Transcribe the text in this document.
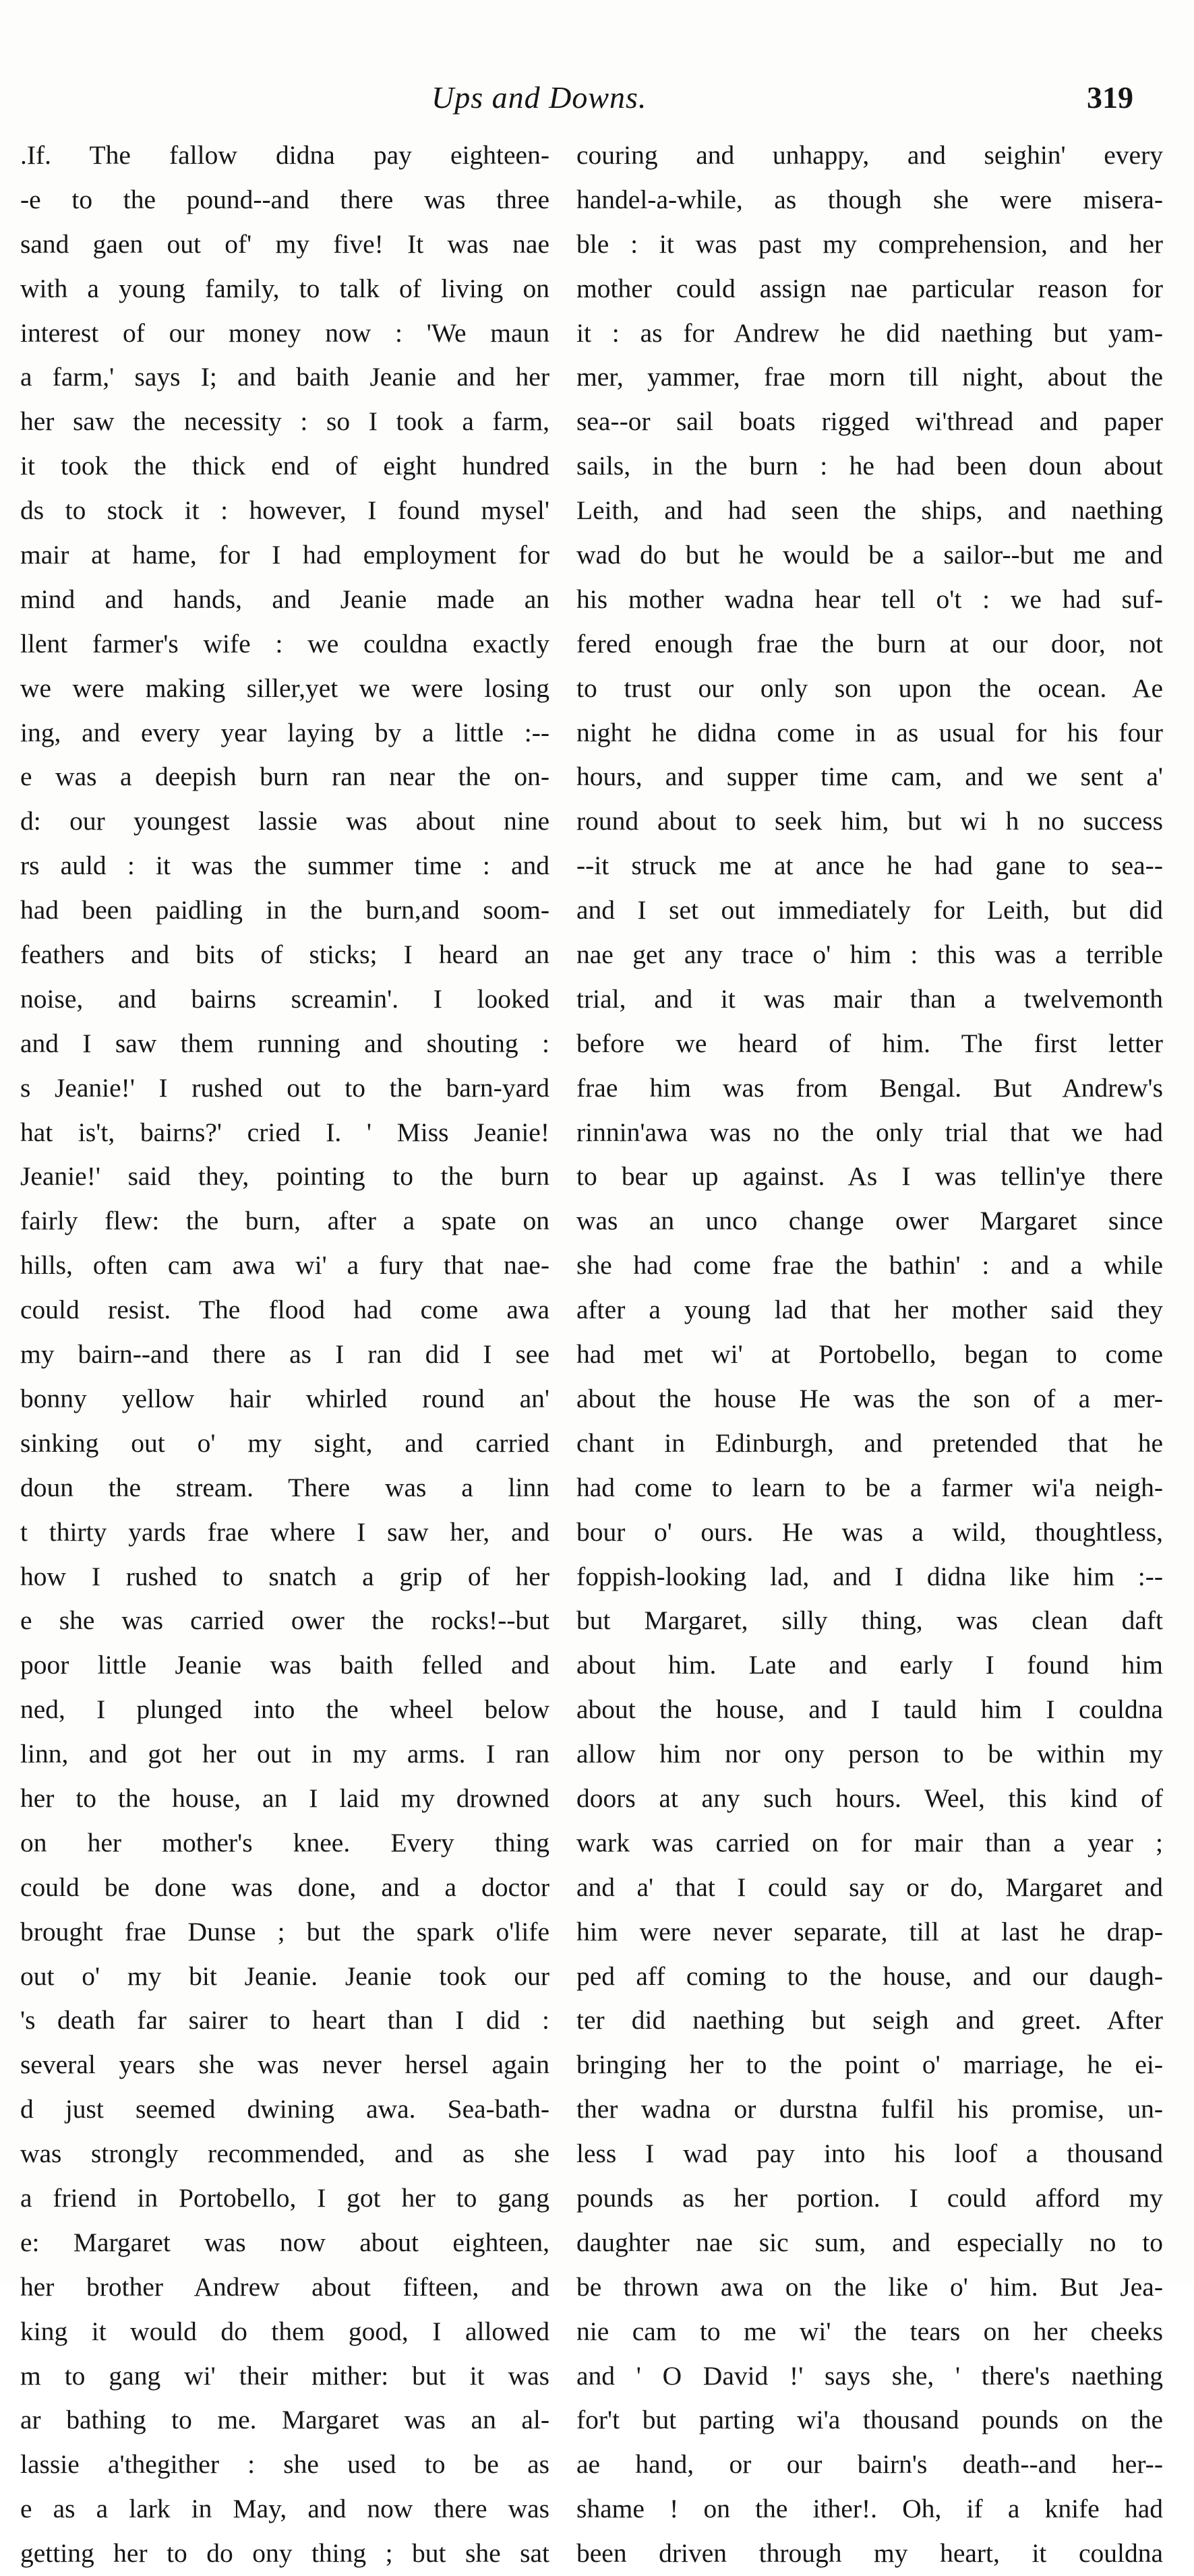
Ups and Downs.	319
.If. The fallow didna pay eighteen-
-e to the pound--and there was three
sand gaen out of' my five! It was nae
with a young family, to talk of living on
interest of our money now : 'We maun
a farm,' says I; and baith Jeanie and her
her saw the necessity : so I took a farm,
it took the thick end of eight hundred
ds to stock it : however, I found mysel'
mair at hame, for I had employment for
mind and hands, and Jeanie made an
llent farmer's wife : we couldna exactly
we were making siller,yet we were losing
ing, and every year laying by a little :--
e was a deepish burn ran near the on-
d: our youngest lassie was about nine
rs auld : it was the summer time : and
had been paidling in the burn,and soom-
feathers and bits of sticks; I heard an
noise, and bairns screamin'. I looked
and I saw them running and shouting :
s Jeanie!' I rushed out to the barn-yard
hat is't, bairns?' cried I. ' Miss Jeanie!
Jeanie!' said they, pointing to the burn
fairly flew: the burn, after a spate on
hills, often cam awa wi' a fury that nae-
could resist. The flood had come awa
my bairn--and there as I ran did I see
bonny yellow hair whirled round an'
sinking out o' my sight, and carried
doun the stream. There was a linn
t thirty yards frae where I saw her, and
how I rushed to snatch a grip of her
e she was carried ower the rocks!--but
poor little Jeanie was baith felled and
ned, I plunged into the wheel below
linn, and got her out in my arms. I ran
her to the house, an I laid my drowned
on her mother's knee. Every thing
could be done was done, and a doctor
brought frae Dunse ; but the spark o'life
out o' my bit Jeanie. Jeanie took our
's death far sairer to heart than I did :
several years she was never hersel again
d just seemed dwining awa. Sea-bath-
was strongly recommended, and as she
a friend in Portobello, I got her to gang
e: Margaret was now about eighteen,
her brother Andrew about fifteen, and
king it would do them good, I allowed
m to gang wi' their mither: but it was
ar bathing to me. Margaret was an al-
lassie a'thegither : she used to be as
e as a lark in May, and now there was
getting her to do ony thing ; but she sat
couring and unhappy, and seighin' every
handel-a-while, as though she were misera-
ble : it was past my comprehension, and her
mother could assign nae particular reason for
it : as for Andrew he did naething but yam-
mer, yammer, frae morn till night, about the
sea--or sail boats rigged wi'thread and paper
sails, in the burn : he had been doun about
Leith, and had seen the ships, and naething
wad do but he would be a sailor--but me and
his mother wadna hear tell o't : we had suf-
fered enough frae the burn at our door, not
to trust our only son upon the ocean. Ae
night he didna come in as usual for his four
hours, and supper time cam, and we sent a'
round about to seek him, but wi h no success
--it struck me at ance he had gane to sea--
and I set out immediately for Leith, but did
nae get any trace o' him : this was a terrible
trial, and it was mair than a twelvemonth
before we heard of him. The first letter
frae him was from Bengal. But Andrew's
rinnin'awa was no the only trial that we had
to bear up against. As I was tellin'ye there
was an unco change ower Margaret since
she had come frae the bathin' : and a while
after a young lad that her mother said they
had met wi' at Portobello, began to come
about the house He was the son of a mer-
chant in Edinburgh, and pretended that he
had come to learn to be a farmer wi'a neigh-
bour o' ours. He was a wild, thoughtless,
foppish-looking lad, and I didna like him :--
but Margaret, silly thing, was clean daft
about him. Late and early I found him
about the house, and I tauld him I couldna
allow him nor ony person to be within my
doors at any such hours. Weel, this kind of
wark was carried on for mair than a year ;
and a' that I could say or do, Margaret and
him were never separate, till at last he drap-
ped aff coming to the house, and our daugh-
ter did naething but seigh and greet. After
bringing her to the point o' marriage, he ei-
ther wadna or durstna fulfil his promise, un-
less I wad pay into his loof a thousand
pounds as her portion. I could afford my
daughter nae sic sum, and especially no to
be thrown awa on the like o' him. But Jea-
nie cam to me wi' the tears on her cheeks
and ' O David !' says she, ' there's naething
for't but parting wi'a thousand pounds on the
ae hand, or our bairn's death--and her--
shame ! on the ither!. Oh, if a knife had
been driven through my heart, it couldna
